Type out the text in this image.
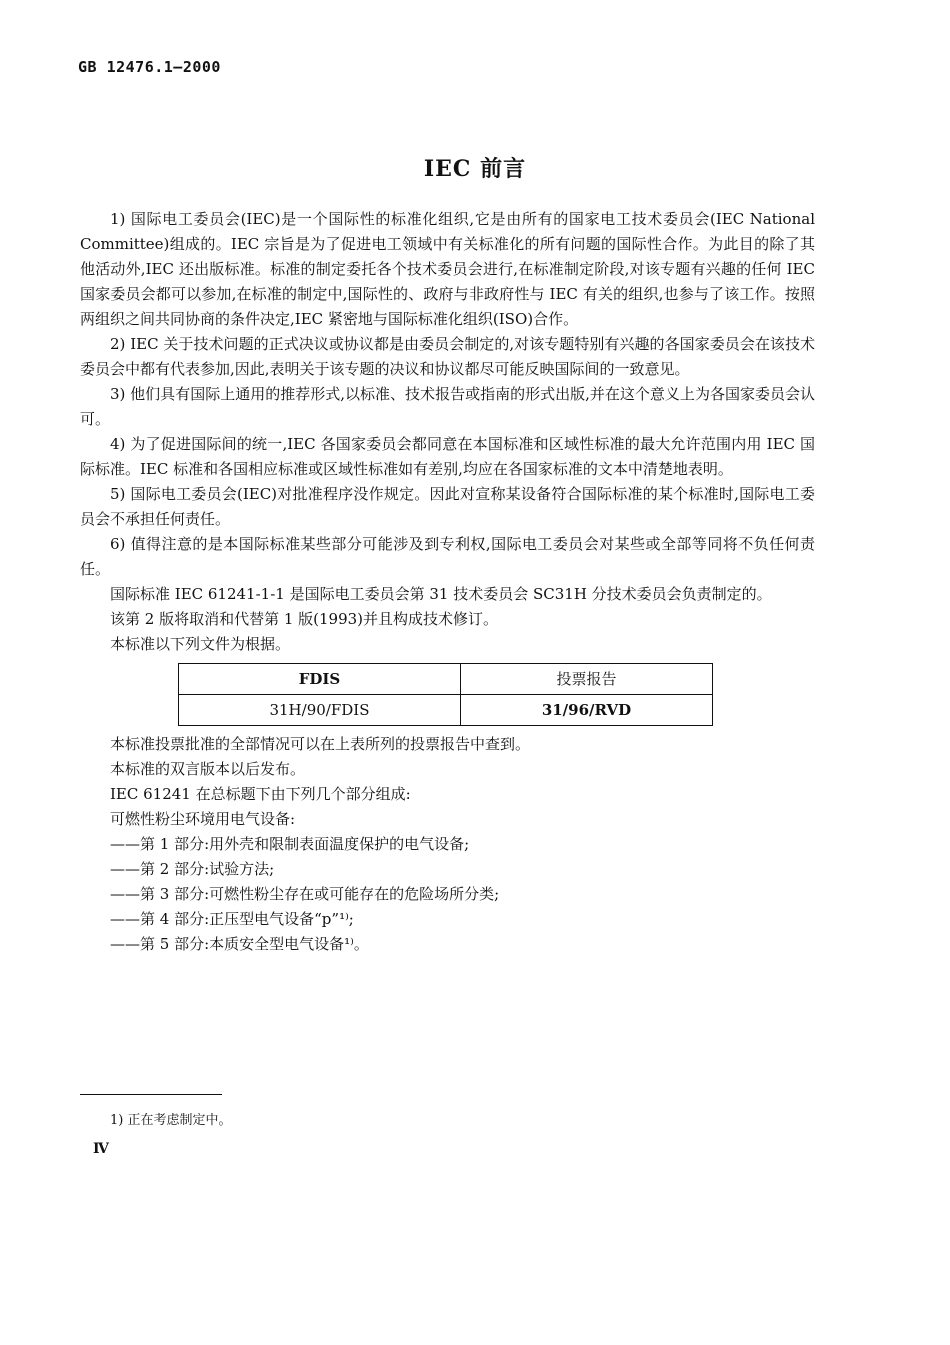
GB 12476.1—2000
IEC 前言

1) 国际电工委员会(IEC)是一个国际性的标准化组织,它是由所有的国家电工技术委员会(IEC National Committee)组成的。IEC 宗旨是为了促进电工领域中有关标准化的所有问题的国际性合作。为此目的除了其他活动外,IEC 还出版标准。标准的制定委托各个技术委员会进行,在标准制定阶段,对该专题有兴趣的任何 IEC 国家委员会都可以参加,在标准的制定中,国际性的、政府与非政府性与 IEC 有关的组织,也参与了该工作。按照两组织之间共同协商的条件决定,IEC 紧密地与国际标准化组织(ISO)合作。

2) IEC 关于技术问题的正式决议或协议都是由委员会制定的,对该专题特别有兴趣的各国家委员会在该技术委员会中都有代表参加,因此,表明关于该专题的决议和协议都尽可能反映国际间的一致意见。

3) 他们具有国际上通用的推荐形式,以标准、技术报告或指南的形式出版,并在这个意义上为各国家委员会认可。

4) 为了促进国际间的统一,IEC 各国家委员会都同意在本国标准和区域性标准的最大允许范围内用 IEC 国际标准。IEC 标准和各国相应标准或区域性标准如有差别,均应在各国家标准的文本中清楚地表明。

5) 国际电工委员会(IEC)对批准程序没作规定。因此对宣称某设备符合国际标准的某个标准时,国际电工委员会不承担任何责任。

6) 值得注意的是本国际标准某些部分可能涉及到专利权,国际电工委员会对某些或全部等同将不负任何责任。

国际标准 IEC 61241-1-1 是国际电工委员会第 31 技术委员会 SC31H 分技术委员会负责制定的。

该第 2 版将取消和代替第 1 版(1993)并且构成技术修订。

本标准以下列文件为根据。

FDIS	投票报告
31H/90/FDIS	31/96/RVD

本标准投票批准的全部情况可以在上表所列的投票报告中查到。

本标准的双言版本以后发布。

IEC 61241 在总标题下由下列几个部分组成:

可燃性粉尘环境用电气设备:

——第 1 部分:用外壳和限制表面温度保护的电气设备;

——第 2 部分:试验方法;

——第 3 部分:可燃性粉尘存在或可能存在的危险场所分类;

——第 4 部分:正压型电气设备“p”¹⁾;

——第 5 部分:本质安全型电气设备¹⁾。

1) 正在考虑制定中。
Ⅳ
